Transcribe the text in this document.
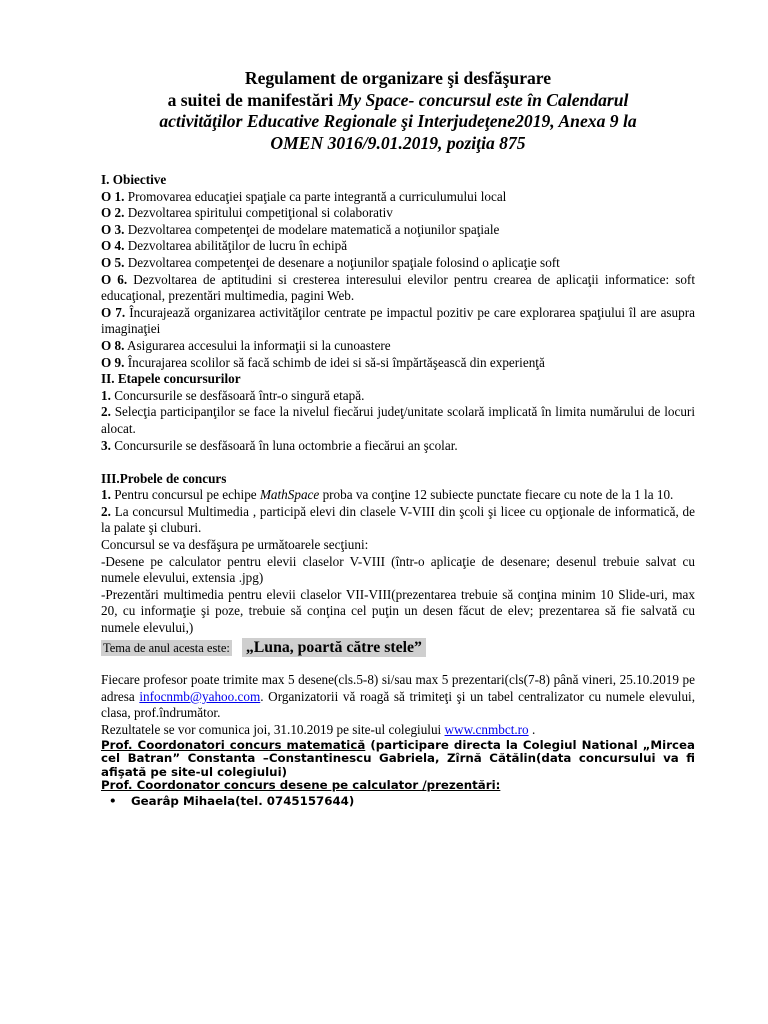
Regulament de organizare şi desfăşurare
a suitei de manifestări My Space- concursul este în Calendarul
activităţilor Educative Regionale şi Interjudeţene2019, Anexa 9 la
OMEN 3016/9.01.2019, poziţia 875
I. Obiective
O 1. Promovarea educaţiei spaţiale ca parte integrantă a curriculumului local
O 2. Dezvoltarea spiritului competiţional si colaborativ
O 3. Dezvoltarea competenţei de modelare matematică a noţiunilor spaţiale
O 4. Dezvoltarea abilităţilor de lucru în echipă
O 5. Dezvoltarea competenţei de desenare a noţiunilor spaţiale folosind o aplicaţie soft
O 6. Dezvoltarea de aptitudini si cresterea interesului elevilor pentru crearea de aplicaţii informatice: soft educaţional, prezentări multimedia, pagini Web.
O 7. Încurajează organizarea activităţilor centrate pe impactul pozitiv pe care explorarea spaţiului îl are asupra imaginaţiei
O 8. Asigurarea accesului la informaţii si la cunoastere
O 9. Încurajarea scolilor să facă schimb de idei si să-si împărtăşească din experienţă
II. Etapele concursurilor
1. Concursurile se desfăsoară într-o singură etapă.
2. Selecţia participanţilor se face la nivelul fiecărui judeţ/unitate scolară implicată în limita numărului de locuri alocat.
3. Concursurile se desfăsoară în luna octombrie a fiecărui an şcolar.
III.Probele de concurs
1. Pentru concursul pe echipe MathSpace proba va conţine 12 subiecte punctate fiecare cu note de la 1 la 10.
2. La concursul Multimedia , participă elevi din clasele V-VIII din şcoli şi licee cu opţionale de informatică, de la palate şi cluburi.
Concursul se va desfăşura pe următoarele secţiuni:
-Desene pe calculator pentru elevii claselor V-VIII (într-o aplicaţie de desenare; desenul trebuie salvat cu numele elevului, extensia .jpg)
-Prezentări multimedia pentru elevii claselor VII-VIII(prezentarea trebuie să conţina minim 10 Slide-uri, max 20, cu informaţie şi poze, trebuie să conţina cel puţin un desen făcut de elev; prezentarea să fie salvată cu numele elevului,)
Tema de anul acesta este: „Luna, poartă către stele”
Fiecare profesor poate trimite max 5 desene(cls.5-8) si/sau max 5 prezentari(cls(7-8) până vineri, 25.10.2019 pe adresa infocnmb@yahoo.com. Organizatorii vă roagă să trimiteţi şi un tabel centralizator cu numele elevului, clasa, prof.îndrumător.
Rezultatele se vor comunica joi, 31.10.2019 pe site-ul colegiului www.cnmbct.ro .
Prof. Coordonatori concurs matematică (participare directa la Colegiul National „Mircea cel Batran” Constanta –Constantinescu Gabriela, Zîrnă Cătălin(data concursului va fi afişată pe site-ul colegiului)
Prof. Coordonator concurs desene pe calculator /prezentări:
•	Gearâp Mihaela(tel. 0745157644)
